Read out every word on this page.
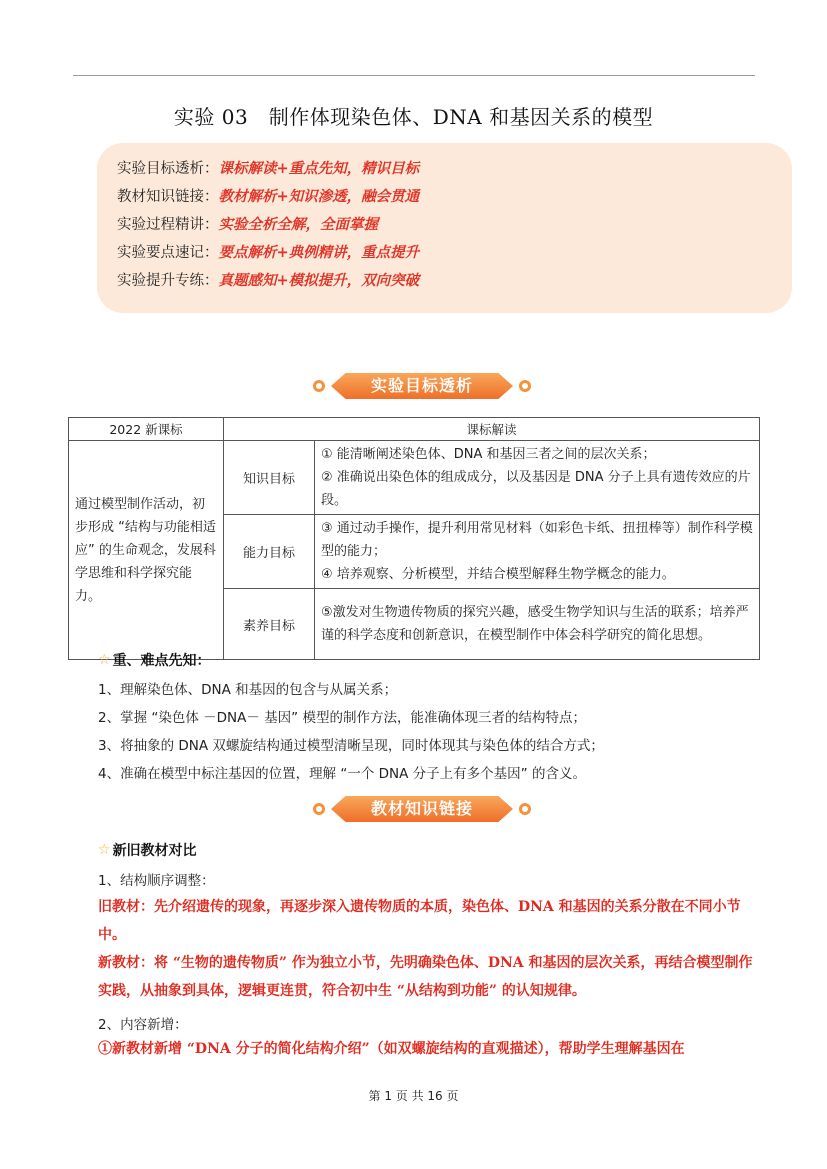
实验 03　制作体现染色体、DNA 和基因关系的模型
实验目标透析：课标解读+重点先知，精识目标
教材知识链接：教材解析+知识渗透，融会贯通
实验过程精讲：实验全析全解，全面掌握
实验要点速记：要点解析+典例精讲，重点提升
实验提升专练：真题感知+模拟提升，双向突破
实验目标透析
2022 新课标	课标解读	
通过模型制作活动，初步形成 “结构与功能相适应” 的生命观念，发展科学思维和科学探究能力。	知识目标	① 能清晰阐述染色体、DNA 和基因三者之间的层次关系；
② 准确说出染色体的组成成分，以及基因是 DNA 分子上具有遗传效应的片段。

	能力目标	③ 通过动手操作，提升利用常见材料（如彩色卡纸、扭扭棒等）制作科学模型的能力；
④ 培养观察、分析模型，并结合模型解释生物学概念的能力。

	素养目标	⑤激发对生物遗传物质的探究兴趣，感受生物学知识与生活的联系；培养严谨的科学态度和创新意识，在模型制作中体会科学研究的简化思想。
☆ 重、难点先知：
1、理解染色体、DNA 和基因的包含与从属关系；
2、掌握 “染色体 －DNA－ 基因” 模型的制作方法，能准确体现三者的结构特点；
3、将抽象的 DNA 双螺旋结构通过模型清晰呈现，同时体现其与染色体的结合方式；
4、准确在模型中标注基因的位置，理解 “一个 DNA 分子上有多个基因” 的含义。
教材知识链接
☆ 新旧教材对比
1、结构顺序调整：
旧教材：先介绍遗传的现象，再逐步深入遗传物质的本质，染色体、DNA 和基因的关系分散在不同小节中。
新教材：将 “生物的遗传物质” 作为独立小节，先明确染色体、DNA 和基因的层次关系，再结合模型制作实践，从抽象到具体，逻辑更连贯，符合初中生 “从结构到功能” 的认知规律。
2、内容新增：
①新教材新增 “DNA 分子的简化结构介绍”（如双螺旋结构的直观描述），帮助学生理解基因在
第 1 页 共 16 页
